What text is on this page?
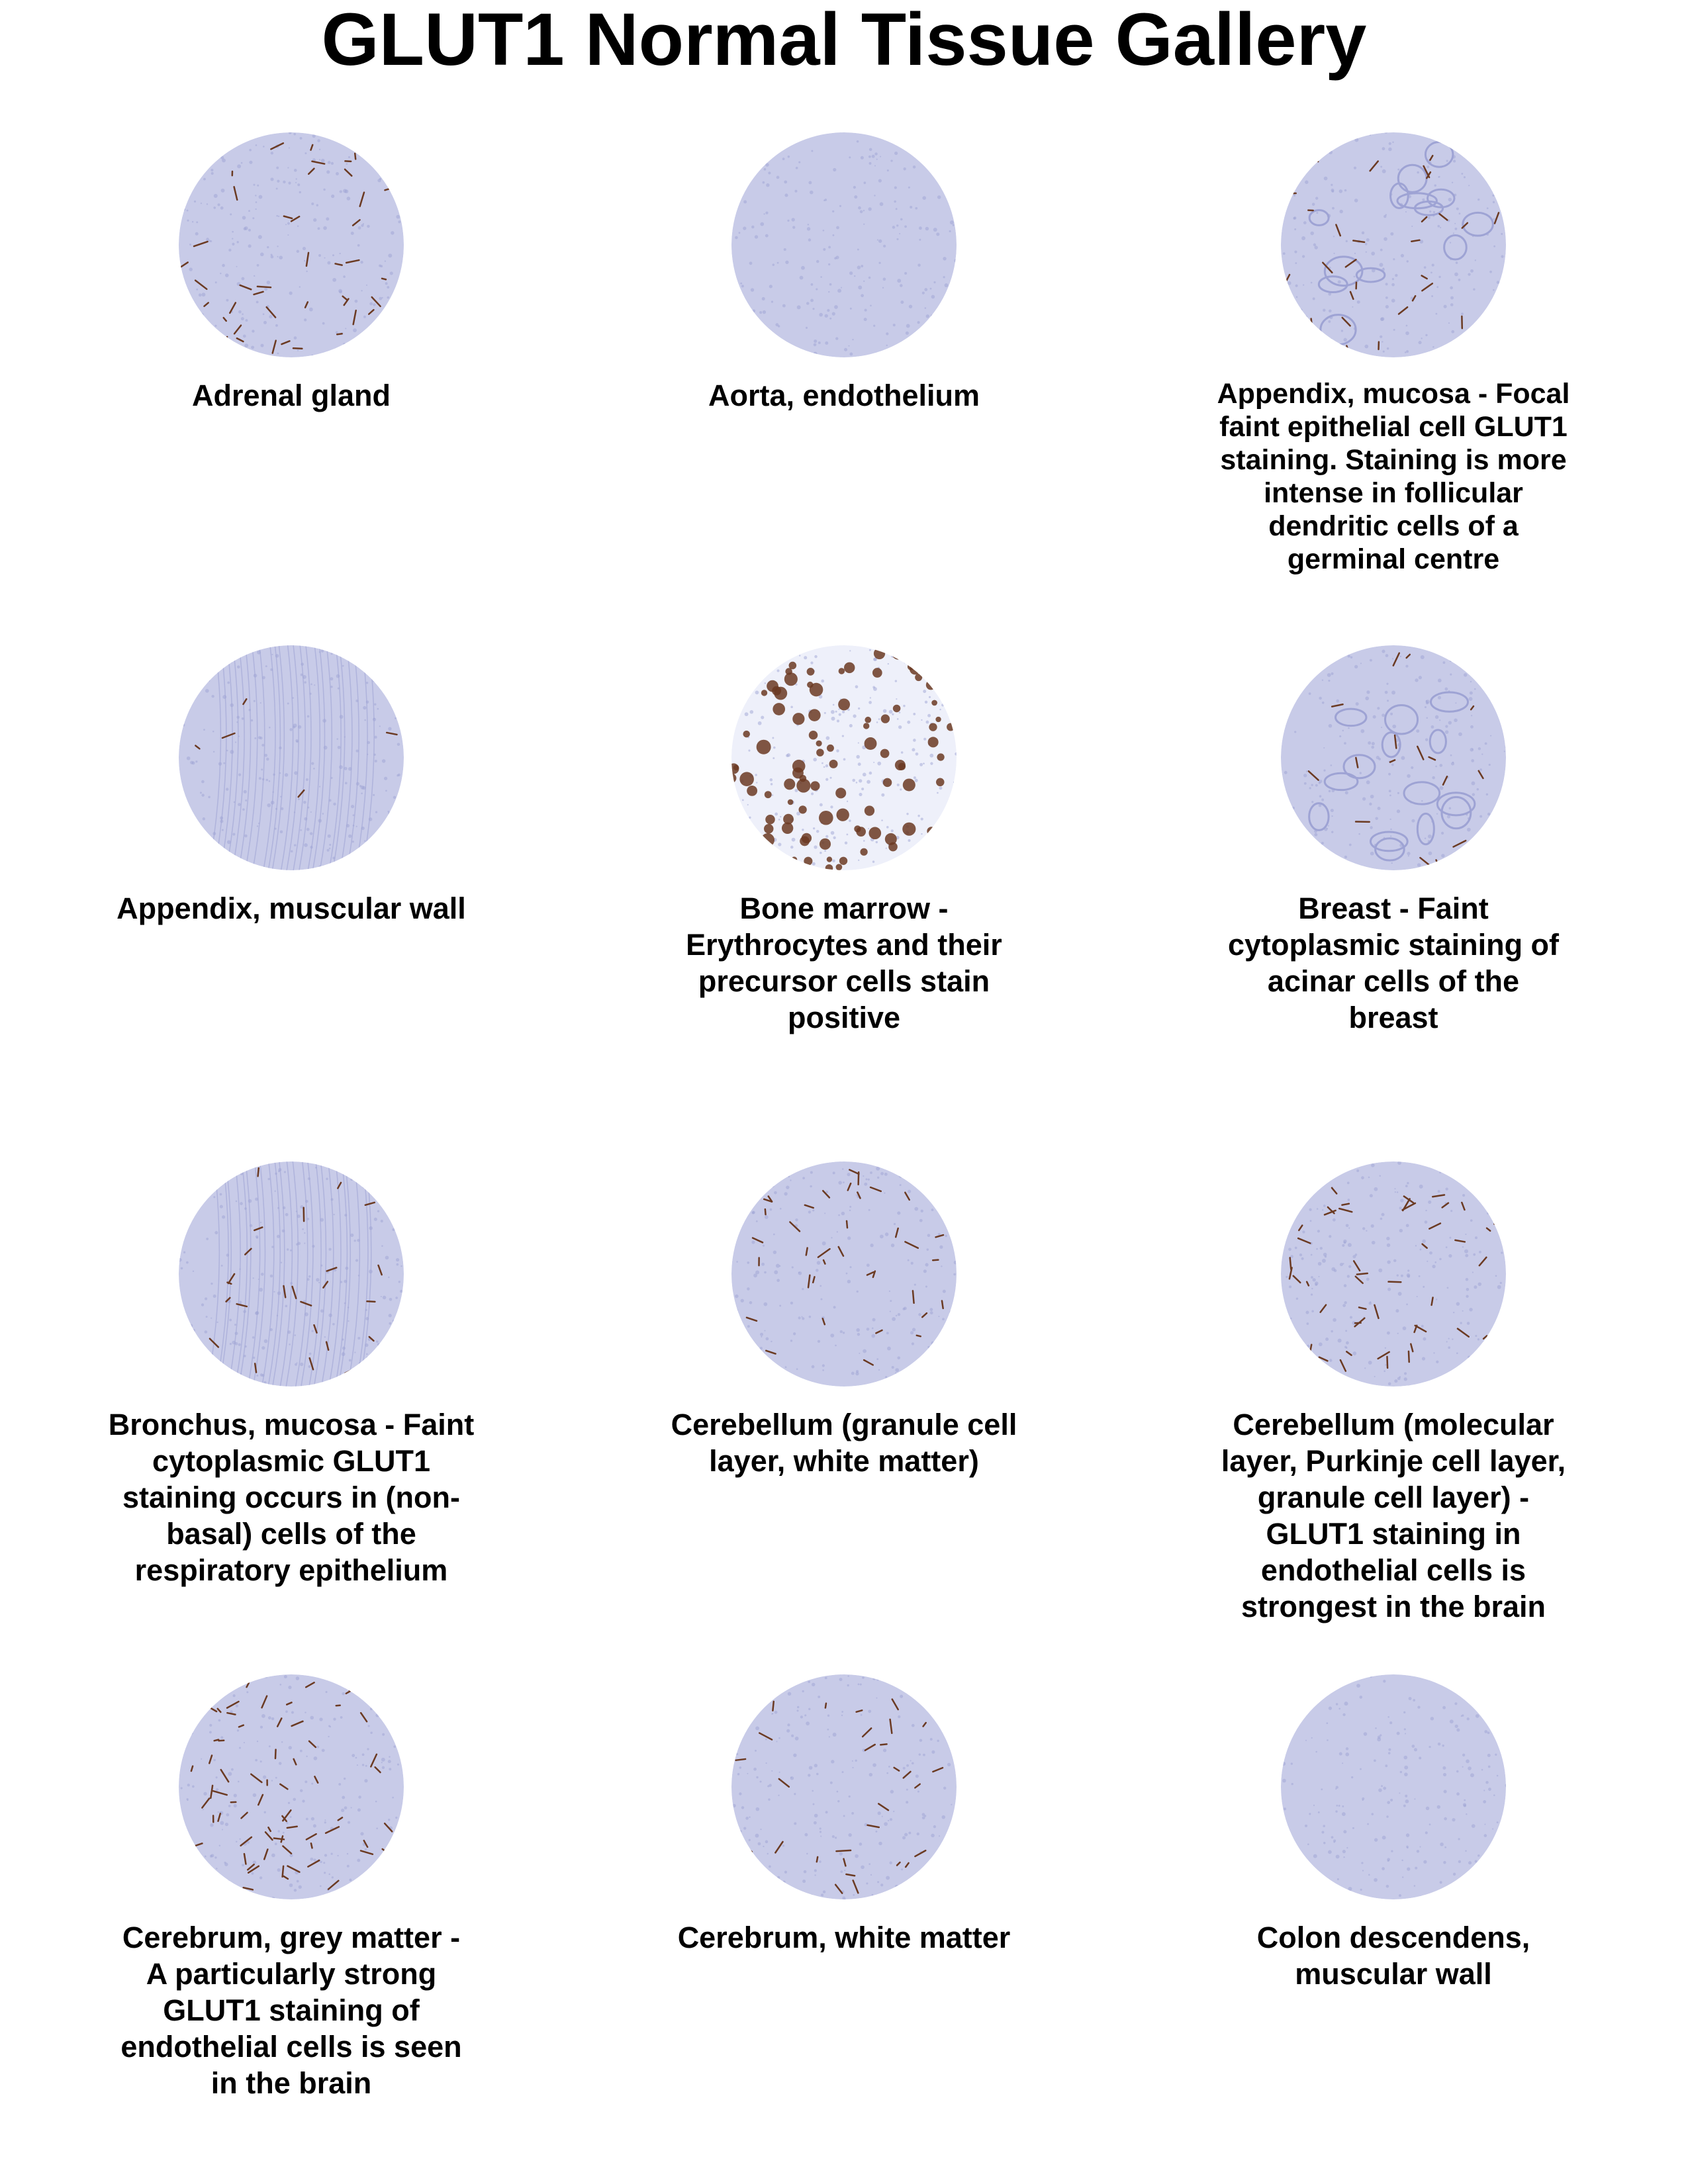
GLUT1 Normal Tissue Gallery
Adrenal gland	Aorta, endothelium	Appendix, mucosa - Focal faint epithelial cell GLUT1 staining. Staining is more intense in follicular dendritic cells of a germinal centre
Appendix, muscular wall	Bone marrow - Erythrocytes and their precursor cells stain positive
Breast - Faint cytoplasmic staining of acinar cells of the breast
Bronchus, mucosa - Faint cytoplasmic GLUT1 staining occurs in (non-basal) cells of the respiratory epithelium
Cerebellum (granule cell layer, white matter)
Cerebellum (molecular layer, Purkinje cell layer, granule cell layer) - GLUT1 staining in endothelial cells is strongest in the brain
Cerebrum, grey matter - A particularly strong GLUT1 staining of endothelial cells is seen in the brain
Cerebrum, white matter	Colon descendens, muscular wall
